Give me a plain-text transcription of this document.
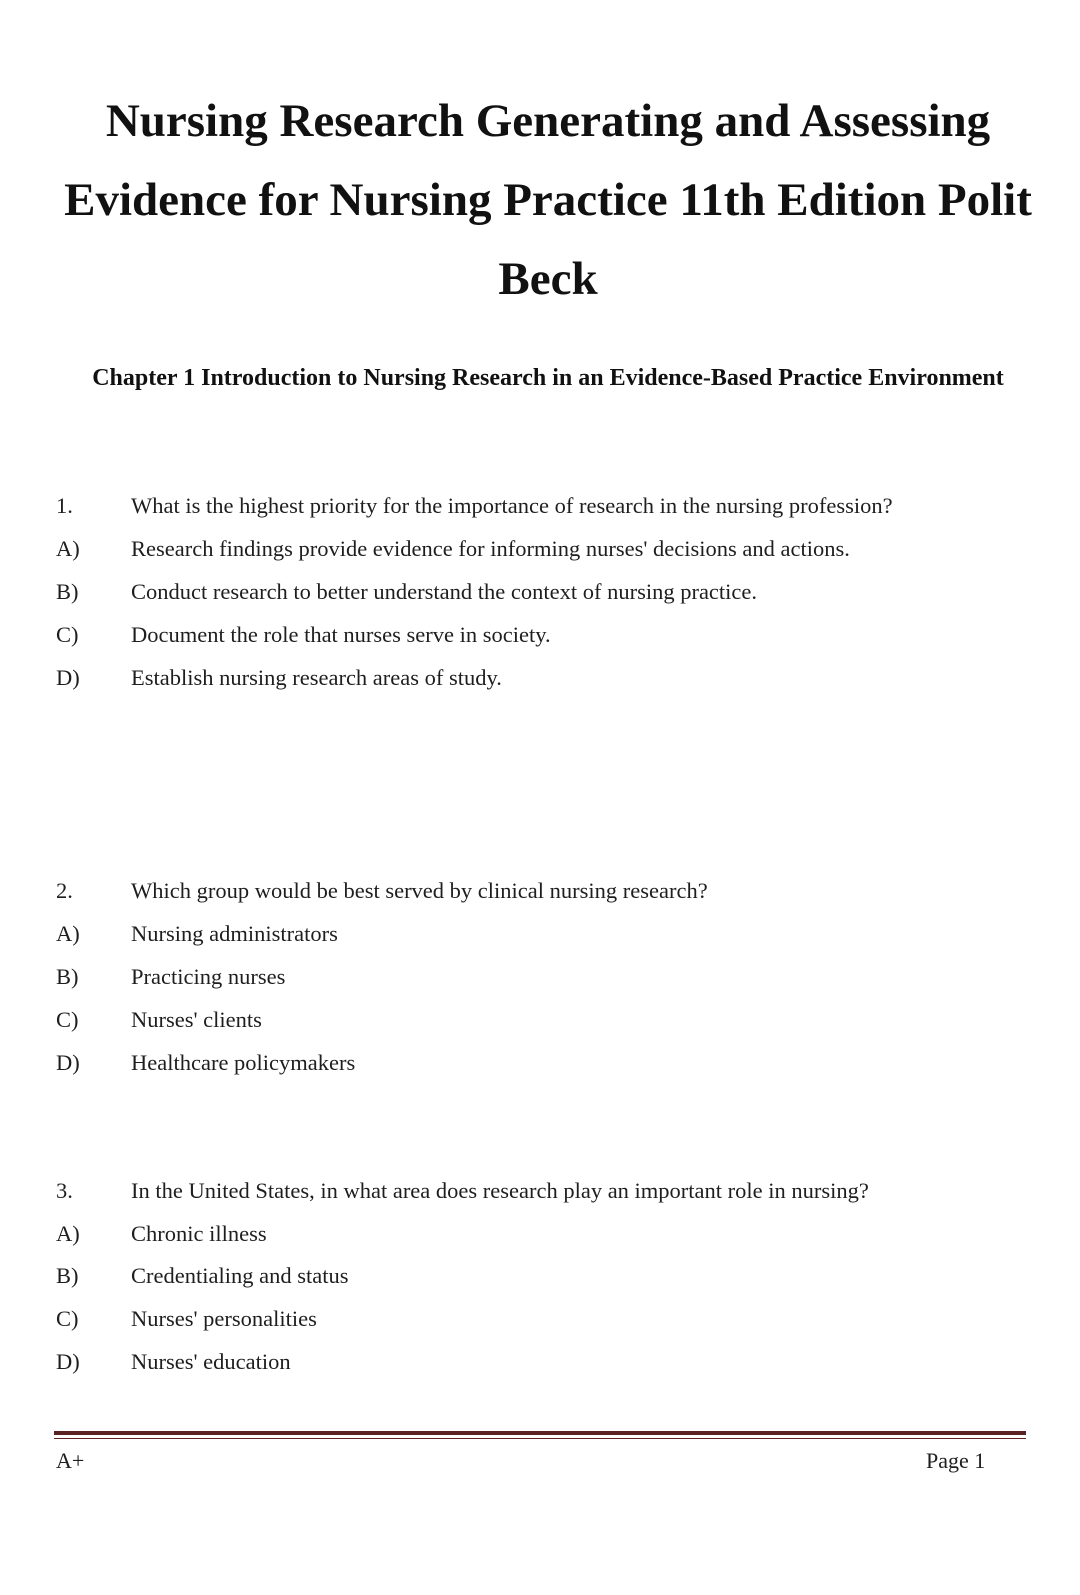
Nursing Research Generating and Assessing Evidence for Nursing Practice 11th Edition Polit Beck
Chapter 1 Introduction to Nursing Research in an Evidence-Based Practice Environment
1.	What is the highest priority for the importance of research in the nursing profession?
A) Research findings provide evidence for informing nurses' decisions and actions.
B) Conduct research to better understand the context of nursing practice.
C) Document the role that nurses serve in society.
D) Establish nursing research areas of study.
2.	Which group would be best served by clinical nursing research?
A) Nursing administrators
B) Practicing nurses
C) Nurses' clients
D) Healthcare policymakers
3.	In the United States, in what area does research play an important role in nursing?
A) Chronic illness
B) Credentialing and status
C) Nurses' personalities
D) Nurses' education
A+	Page 1
